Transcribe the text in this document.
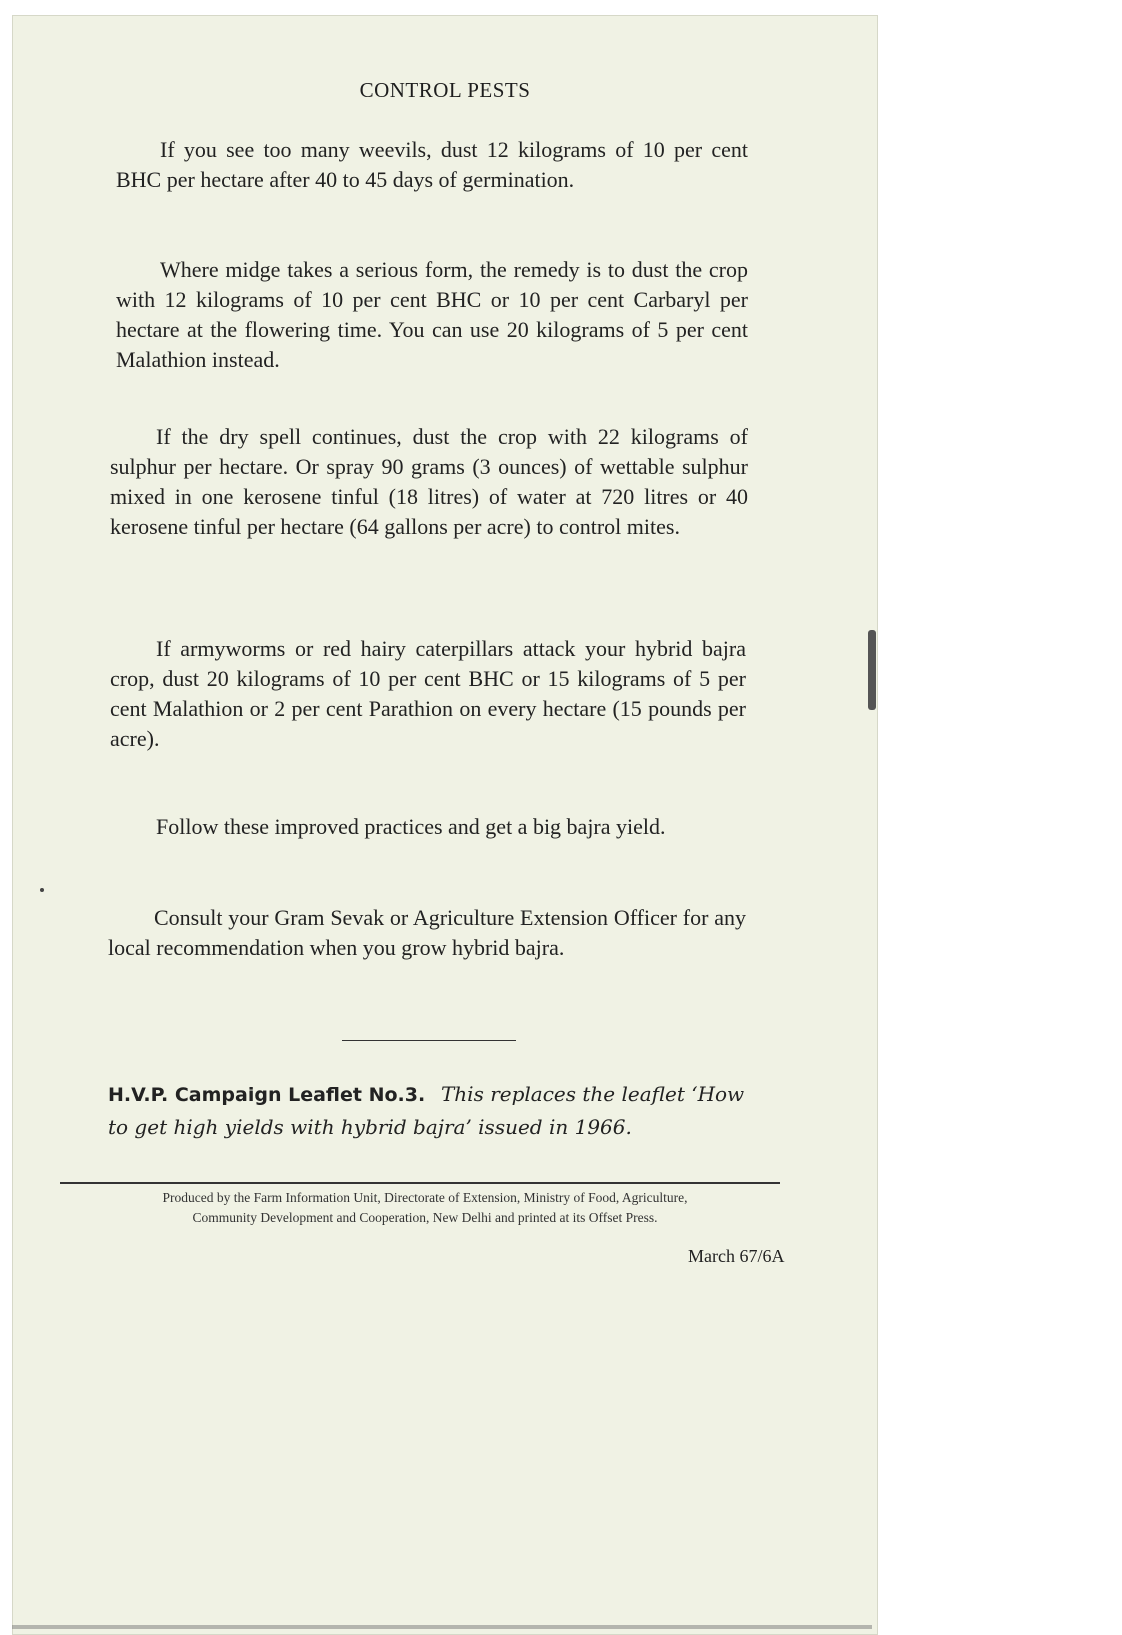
CONTROL PESTS

If you see too many weevils, dust 12 kilograms of 10 per cent BHC per hectare after 40 to 45 days of germination.

Where midge takes a serious form, the remedy is to dust the crop with 12 kilograms of 10 per cent BHC or 10 per cent Carbaryl per hectare at the flowering time. You can use 20 kilograms of 5 per cent Malathion instead.

If the dry spell continues, dust the crop with 22 kilograms of sulphur per hectare. Or spray 90 grams (3 ounces) of wettable sulphur mixed in one kerosene tinful (18 litres) of water at 720 litres or 40 kerosene tinful per hectare (64 gallons per acre) to control mites.

If armyworms or red hairy caterpillars attack your hybrid bajra crop, dust 20 kilograms of 10 per cent BHC or 15 kilograms of 5 per cent Malathion or 2 per cent Parathion on every hectare (15 pounds per acre).

Follow these improved practices and get a big bajra yield.

Consult your Gram Sevak or Agriculture Extension Officer for any local recommendation when you grow hybrid bajra.

H.V.P. Campaign Leaflet No.3. This replaces the leaflet ‘How to get high yields with hybrid bajra’ issued in 1966.
Produced by the Farm Information Unit, Directorate of Extension, Ministry of Food, Agriculture,
Community Development and Cooperation, New Delhi and printed at its Offset Press.
March 67/6A
